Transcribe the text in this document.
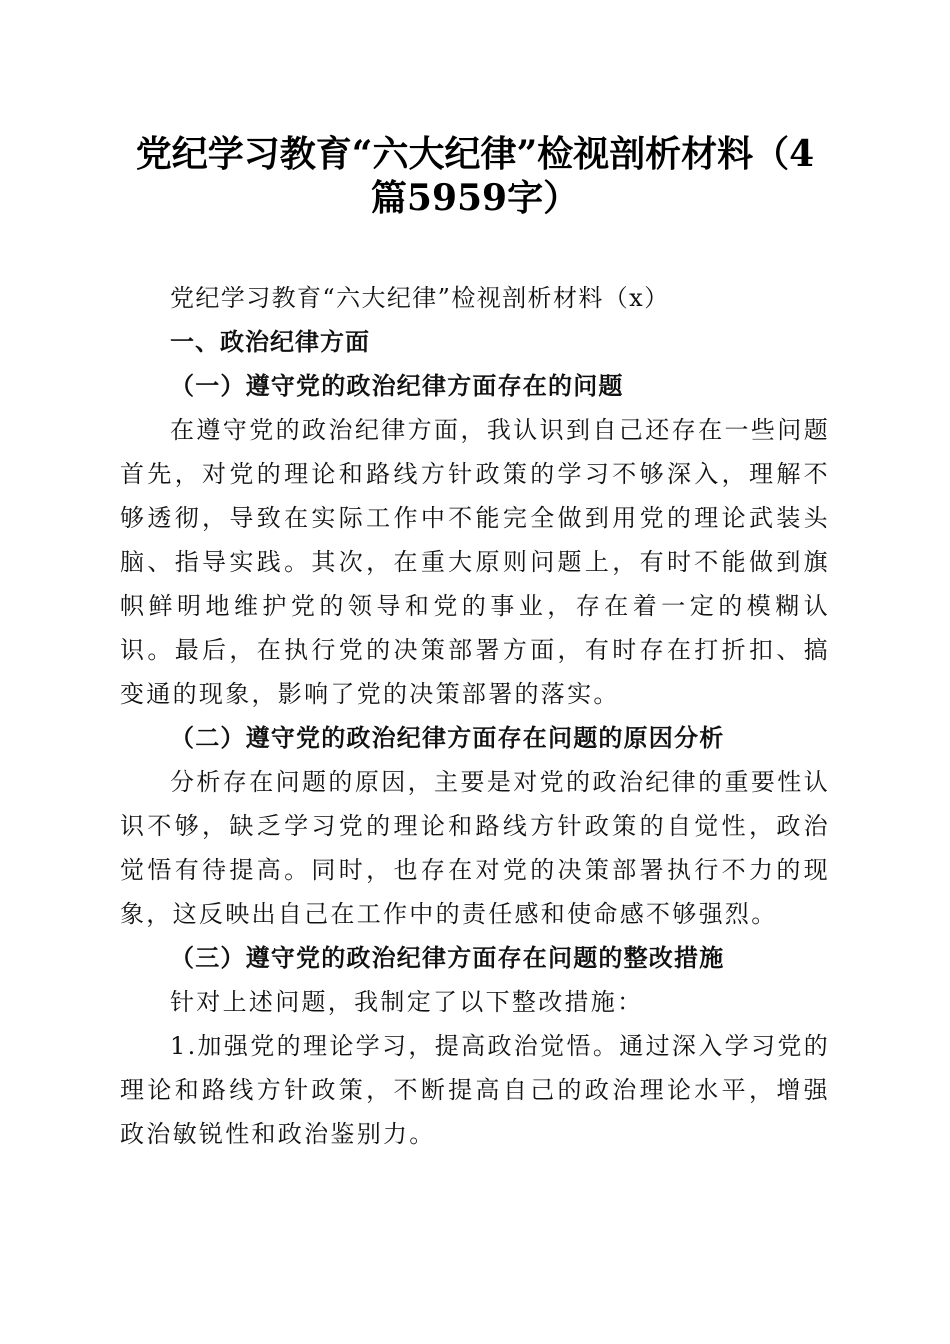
党纪学习教育“六大纪律”检视剖析材料（4
篇5959字）

党纪学习教育“六大纪律”检视剖析材料（x）

一、政治纪律方面

（一）遵守党的政治纪律方面存在的问题

在遵守党的政治纪律方面，我认识到自己还存在一些问题首先，对党的理论和路线方针政策的学习不够深入，理解不够透彻，导致在实际工作中不能完全做到用党的理论武装头脑、指导实践。其次，在重大原则问题上，有时不能做到旗帜鲜明地维护党的领导和党的事业，存在着一定的模糊认识。最后，在执行党的决策部署方面，有时存在打折扣、搞变通的现象，影响了党的决策部署的落实。

（二）遵守党的政治纪律方面存在问题的原因分析

分析存在问题的原因，主要是对党的政治纪律的重要性认识不够，缺乏学习党的理论和路线方针政策的自觉性，政治觉悟有待提高。同时，也存在对党的决策部署执行不力的现象，这反映出自己在工作中的责任感和使命感不够强烈。

（三）遵守党的政治纪律方面存在问题的整改措施

针对上述问题，我制定了以下整改措施：

1.加强党的理论学习，提高政治觉悟。通过深入学习党的理论和路线方针政策，不断提高自己的政治理论水平，增强政治敏锐性和政治鉴别力。
